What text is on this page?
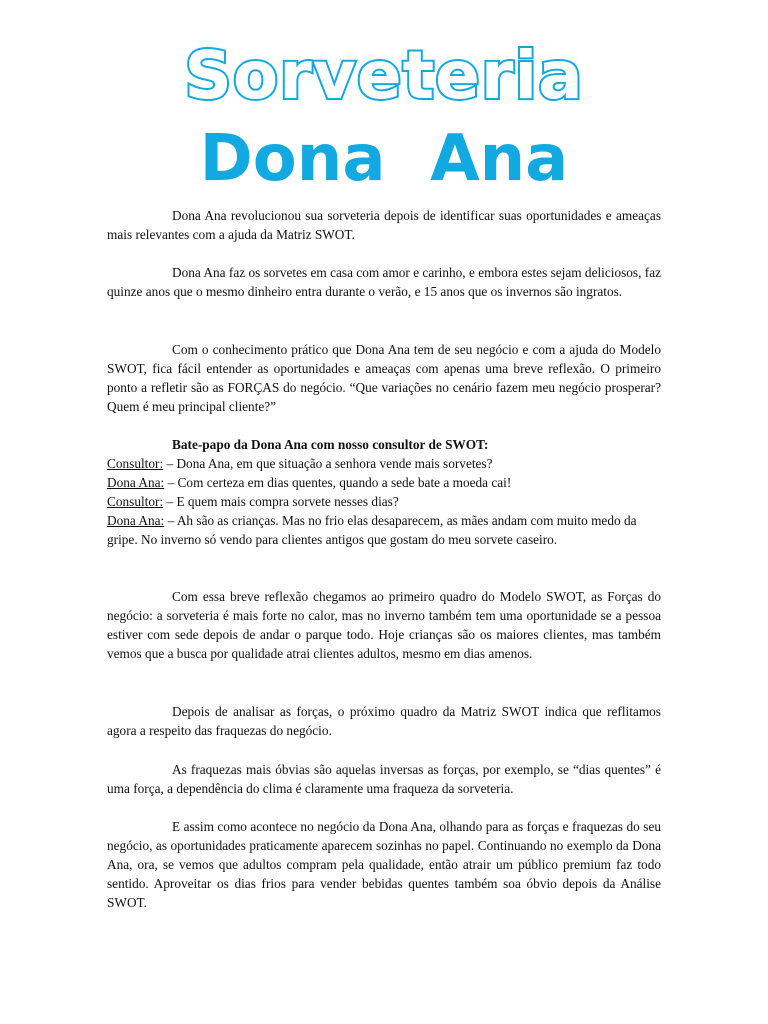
Sorveteria
Dona  Ana

Dona Ana revolucionou sua sorveteria depois de identificar suas oportunidades e ameaças mais relevantes com a ajuda da Matriz SWOT.

Dona Ana faz os sorvetes em casa com amor e carinho, e embora estes sejam deliciosos, faz quinze anos que o mesmo dinheiro entra durante o verão, e 15 anos que os invernos são ingratos.

Com o conhecimento prático que Dona Ana tem de seu negócio e com a ajuda do Modelo SWOT, fica fácil entender as oportunidades e ameaças com apenas uma breve reflexão. O primeiro ponto a refletir são as FORÇAS do negócio. “Que variações no cenário fazem meu negócio prosperar? Quem é meu principal cliente?”

Bate-papo da Dona Ana com nosso consultor de SWOT:

Consultor: – Dona Ana, em que situação a senhora vende mais sorvetes?

Dona Ana: – Com certeza em dias quentes, quando a sede bate a moeda cai!

Consultor: – E quem mais compra sorvete nesses dias?

Dona Ana: – Ah são as crianças. Mas no frio elas desaparecem, as mães andam com muito medo da gripe. No inverno só vendo para clientes antigos que gostam do meu sorvete caseiro.

Com essa breve reflexão chegamos ao primeiro quadro do Modelo SWOT, as Forças do negócio: a sorveteria é mais forte no calor, mas no inverno também tem uma oportunidade se a pessoa estiver com sede depois de andar o parque todo. Hoje crianças são os maiores clientes, mas também vemos que a busca por qualidade atrai clientes adultos, mesmo em dias amenos.

Depois de analisar as forças, o próximo quadro da Matriz SWOT indica que reflitamos agora a respeito das fraquezas do negócio.

As fraquezas mais óbvias são aquelas inversas as forças, por exemplo, se “dias quentes” é uma força, a dependência do clima é claramente uma fraqueza da sorveteria.

E assim como acontece no negócio da Dona Ana, olhando para as forças e fraquezas do seu negócio, as oportunidades praticamente aparecem sozinhas no papel. Continuando no exemplo da Dona Ana, ora, se vemos que adultos compram pela qualidade, então atrair um público premium faz todo sentido. Aproveitar os dias frios para vender bebidas quentes também soa óbvio depois da Análise SWOT.
